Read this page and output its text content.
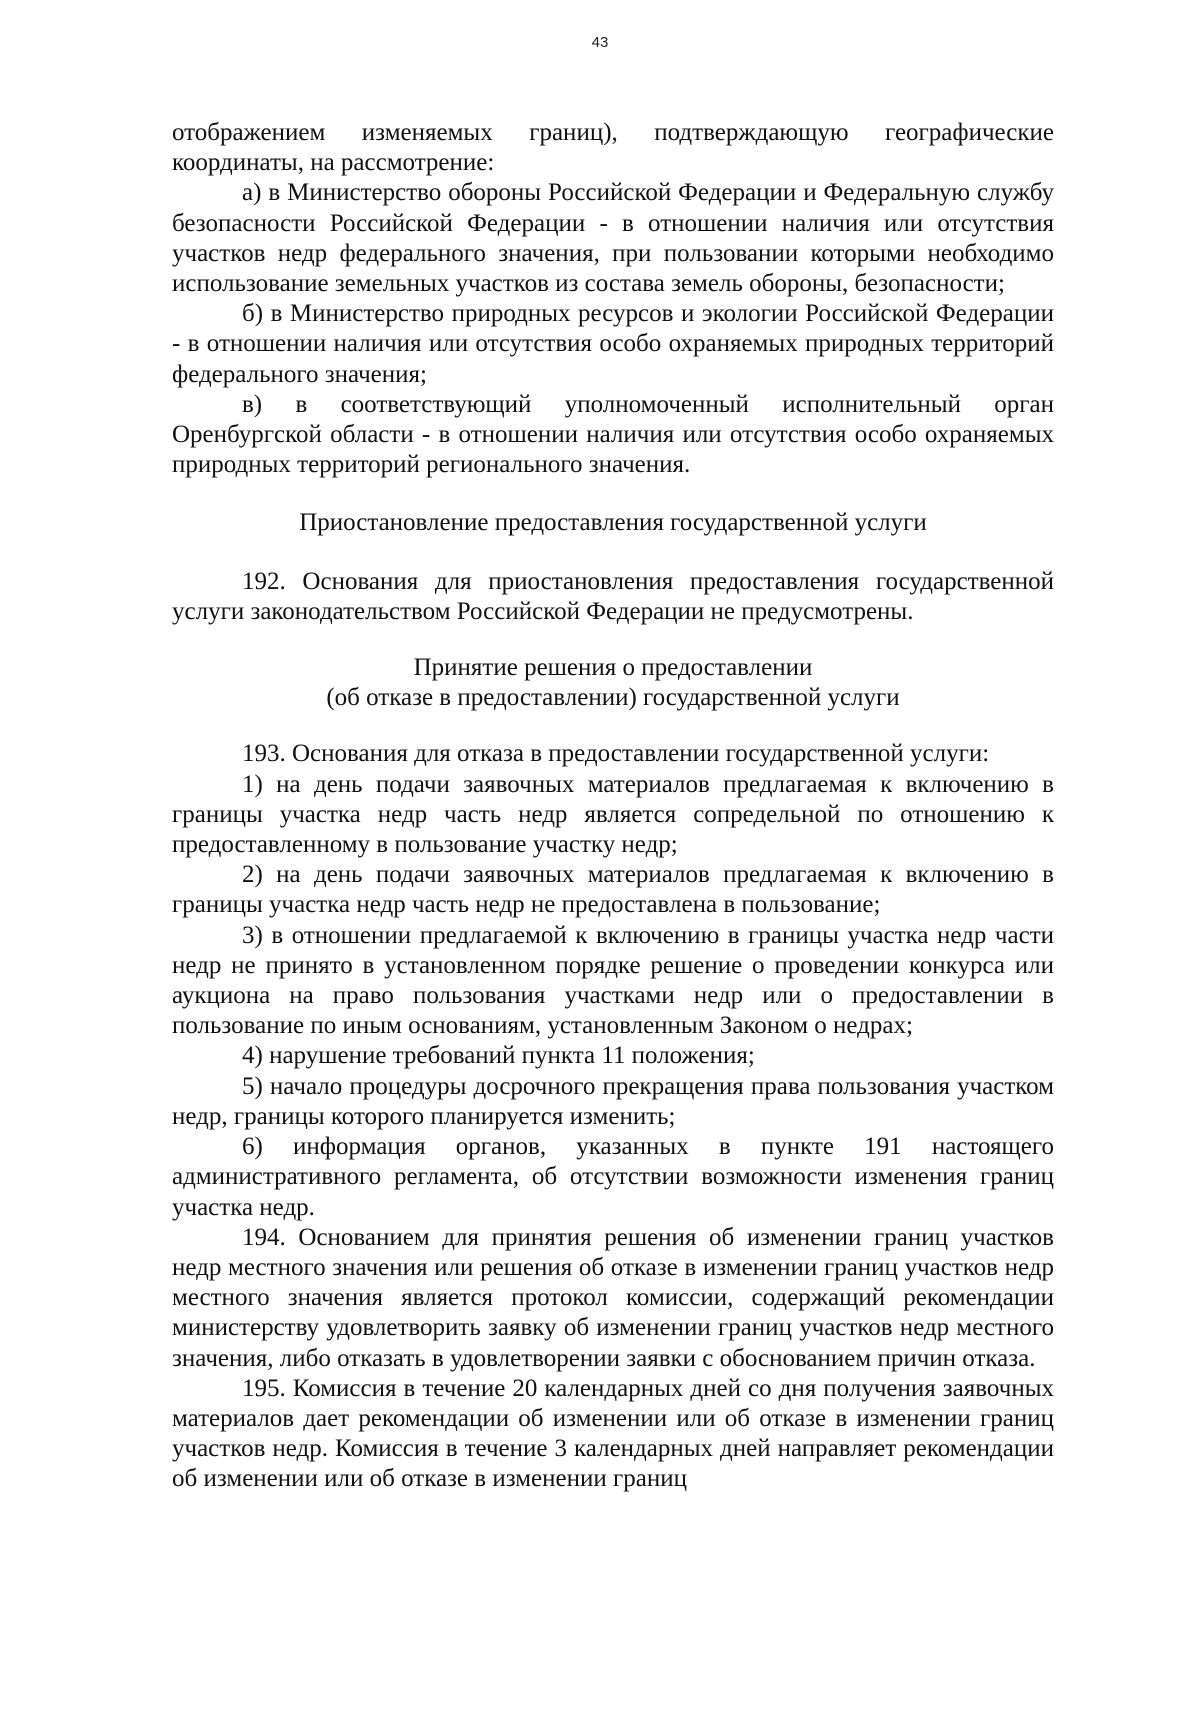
43

отображением изменяемых границ), подтверждающую географические координаты, на рассмотрение:

а) в Министерство обороны Российской Федерации и Федеральную службу безопасности Российской Федерации - в отношении наличия или отсутствия участков недр федерального значения, при пользовании которыми необходимо использование земельных участков из состава земель обороны, безопасности;

б) в Министерство природных ресурсов и экологии Российской Федерации - в отношении наличия или отсутствия особо охраняемых природных территорий федерального значения;

в) в соответствующий уполномоченный исполнительный орган Оренбургской области - в отношении наличия или отсутствия особо охраняемых природных территорий регионального значения.

Приостановление предоставления государственной услуги

192. Основания для приостановления предоставления государственной услуги законодательством Российской Федерации не предусмотрены.

Принятие решения о предоставлении
(об отказе в предоставлении) государственной услуги

193. Основания для отказа в предоставлении государственной услуги:

1) на день подачи заявочных материалов предлагаемая к включению в границы участка недр часть недр является сопредельной по отношению к предоставленному в пользование участку недр;

2) на день подачи заявочных материалов предлагаемая к включению в границы участка недр часть недр не предоставлена в пользование;

3) в отношении предлагаемой к включению в границы участка недр части недр не принято в установленном порядке решение о проведении конкурса или аукциона на право пользования участками недр или о предоставлении в пользование по иным основаниям, установленным Законом о недрах;

4) нарушение требований пункта 11 положения;

5) начало процедуры досрочного прекращения права пользования участком недр, границы которого планируется изменить;

6) информация органов, указанных в пункте 191 настоящего административного регламента, об отсутствии возможности изменения границ участка недр.

194. Основанием для принятия решения об изменении границ участков недр местного значения или решения об отказе в изменении границ участков недр местного значения является протокол комиссии, содержащий рекомендации министерству удовлетворить заявку об изменении границ участков недр местного значения, либо отказать в удовлетворении заявки с обоснованием причин отказа.

195. Комиссия в течение 20 календарных дней со дня получения заявочных материалов дает рекомендации об изменении или об отказе в изменении границ участков недр. Комиссия в течение 3 календарных дней направляет рекомендации об изменении или об отказе в изменении границ
